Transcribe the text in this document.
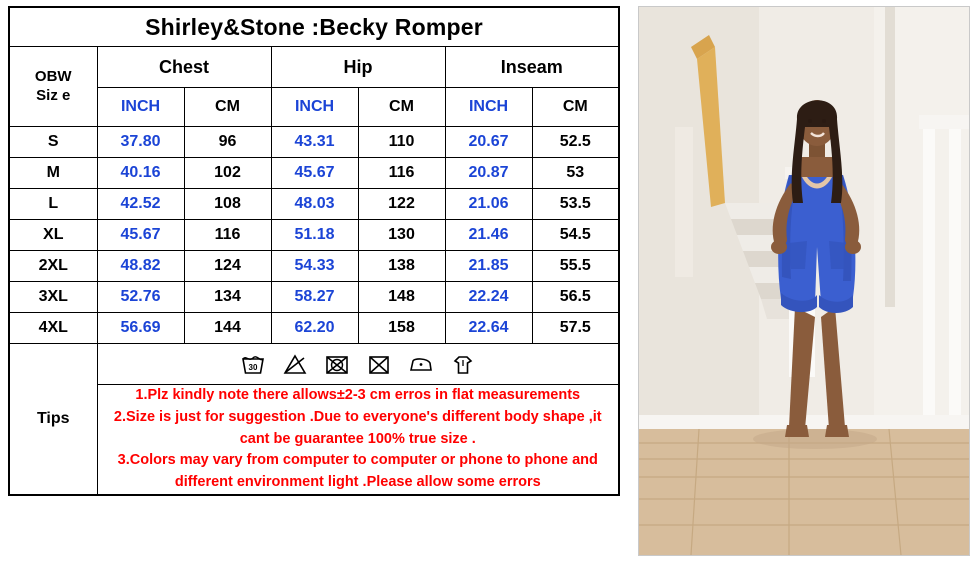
Shirley&Stone :Becky Romper						

OBW
Siz e	Chest		Hip		Inseam	
	INCH	CM	INCH	CM	INCH	CM
S	37.80	96	43.31	110	20.67	52.5
M	40.16	102	45.67	116	20.87	53
L	42.52	108	48.03	122	21.06	53.5
XL	45.67	116	51.18	130	21.46	54.5
2XL	48.82	124	54.33	138	21.85	55.5
3XL	52.76	134	58.27	148	22.24	56.5
4XL	56.69	144	62.20	158	22.64	57.5
Tips	30					

	1.Plz kindly note there allows±2-3 cm erros in flat measurements

2.Size is just for suggestion .Due to everyone's different body shape ,it cant be guarantee 100% true size .

3.Colors may vary from computer to computer or phone to phone and different environment light .Please allow some errors					
